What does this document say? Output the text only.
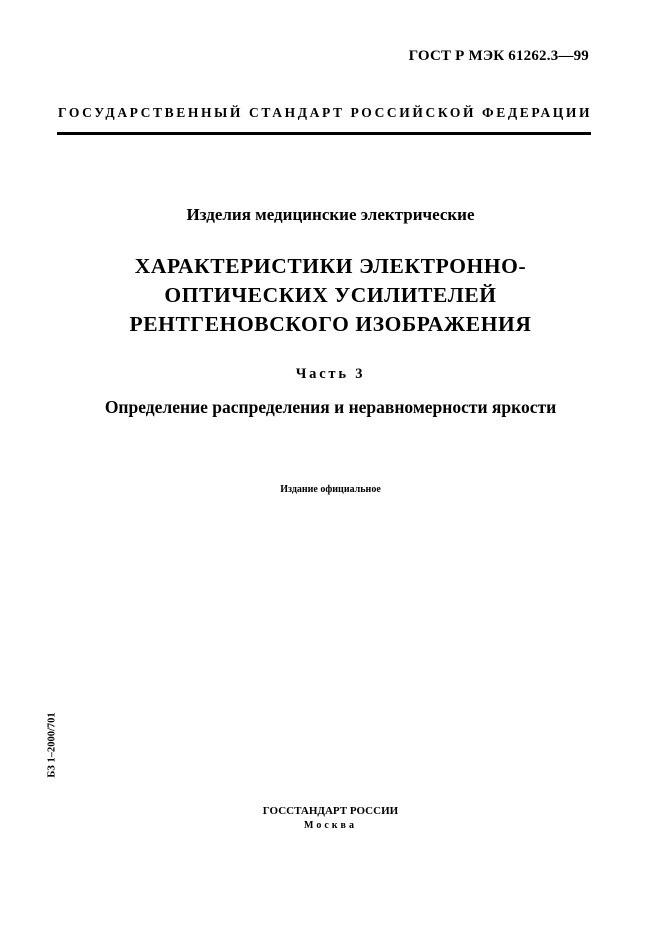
ГОСТ Р МЭК 61262.3—99
ГОСУДАРСТВЕННЫЙ СТАНДАРТ РОССИЙСКОЙ ФЕДЕРАЦИИ
Изделия медицинские электрические
ХАРАКТЕРИСТИКИ ЭЛЕКТРОННО-
ОПТИЧЕСКИХ УСИЛИТЕЛЕЙ
РЕНТГЕНОВСКОГО ИЗОБРАЖЕНИЯ
Часть 3
Определение распределения и неравномерности яркости
Издание официальное
БЗ 1–2000/701
ГОССТАНДАРТ РОССИИ
Москва
